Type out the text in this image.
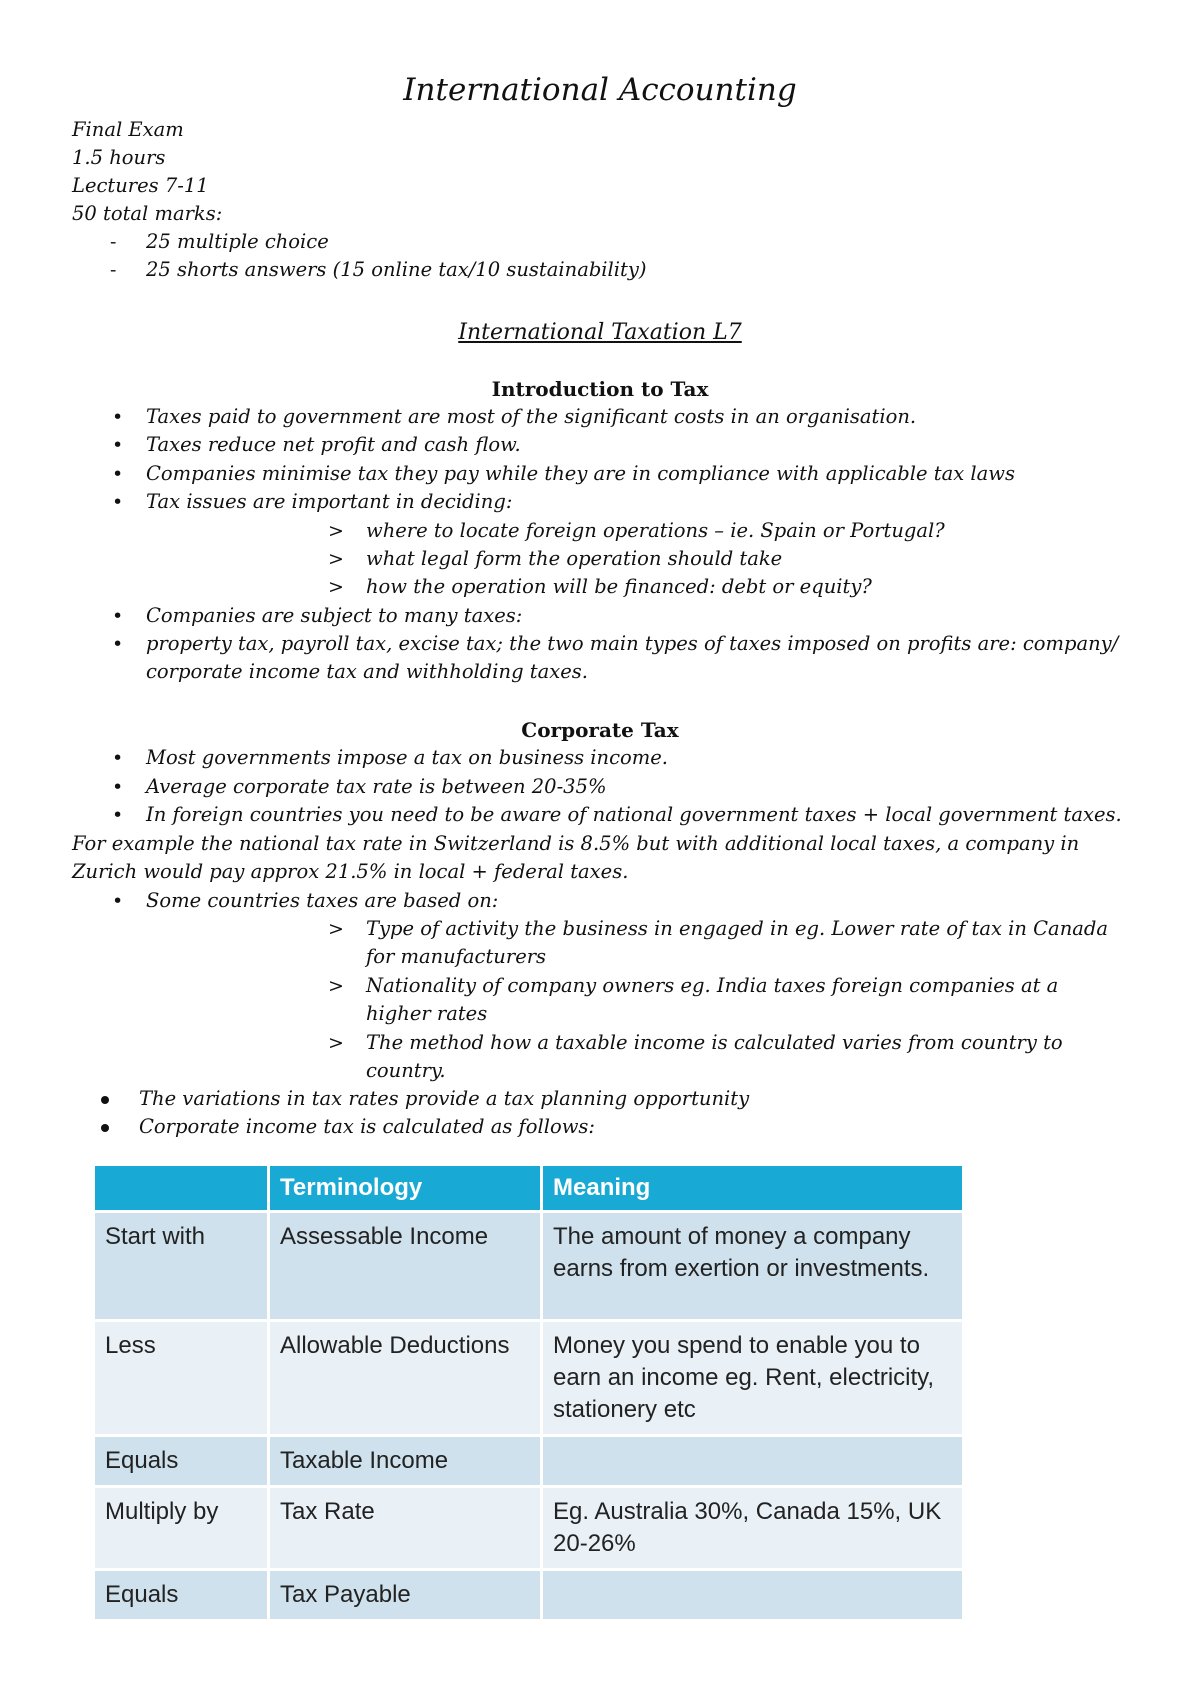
International Accounting
Final Exam
1.5 hours
Lectures 7-11
50 total marks:
- 25 multiple choice
- 25 shorts answers (15 online tax/10 sustainability)
International Taxation L7
Introduction to Tax
• Taxes paid to government are most of the significant costs in an organisation.
• Taxes reduce net profit and cash flow.
• Companies minimise tax they pay while they are in compliance with applicable tax laws
• Tax issues are important in deciding:
> where to locate foreign operations – ie. Spain or Portugal?
> what legal form the operation should take
> how the operation will be financed: debt or equity?
• Companies are subject to many taxes:
• property tax, payroll tax, excise tax; the two main types of taxes imposed on profits are: company/
corporate income tax and withholding taxes.
Corporate Tax
• Most governments impose a tax on business income.
• Average corporate tax rate is between 20-35%
• In foreign countries you need to be aware of national government taxes + local government taxes.
For example the national tax rate in Switzerland is 8.5% but with additional local taxes, a company in
Zurich would pay approx 21.5% in local + federal taxes.
• Some countries taxes are based on:
> Type of activity the business in engaged in eg. Lower rate of tax in Canada
for manufacturers
> Nationality of company owners eg. India taxes foreign companies at a
higher rates
> The method how a taxable income is calculated varies from country to
country.
The variations in tax rates provide a tax planning opportunity
Corporate income tax is calculated as follows:
	Terminology	Meaning
Start with	Assessable Income	The amount of money a company earns from exertion or investments.
Less	Allowable Deductions	Money you spend to enable you to earn an income eg. Rent, electricity, stationery etc
Equals	Taxable Income	
Multiply by	Tax Rate	Eg. Australia 30%, Canada 15%, UK 20-26%
Equals	Tax Payable	
